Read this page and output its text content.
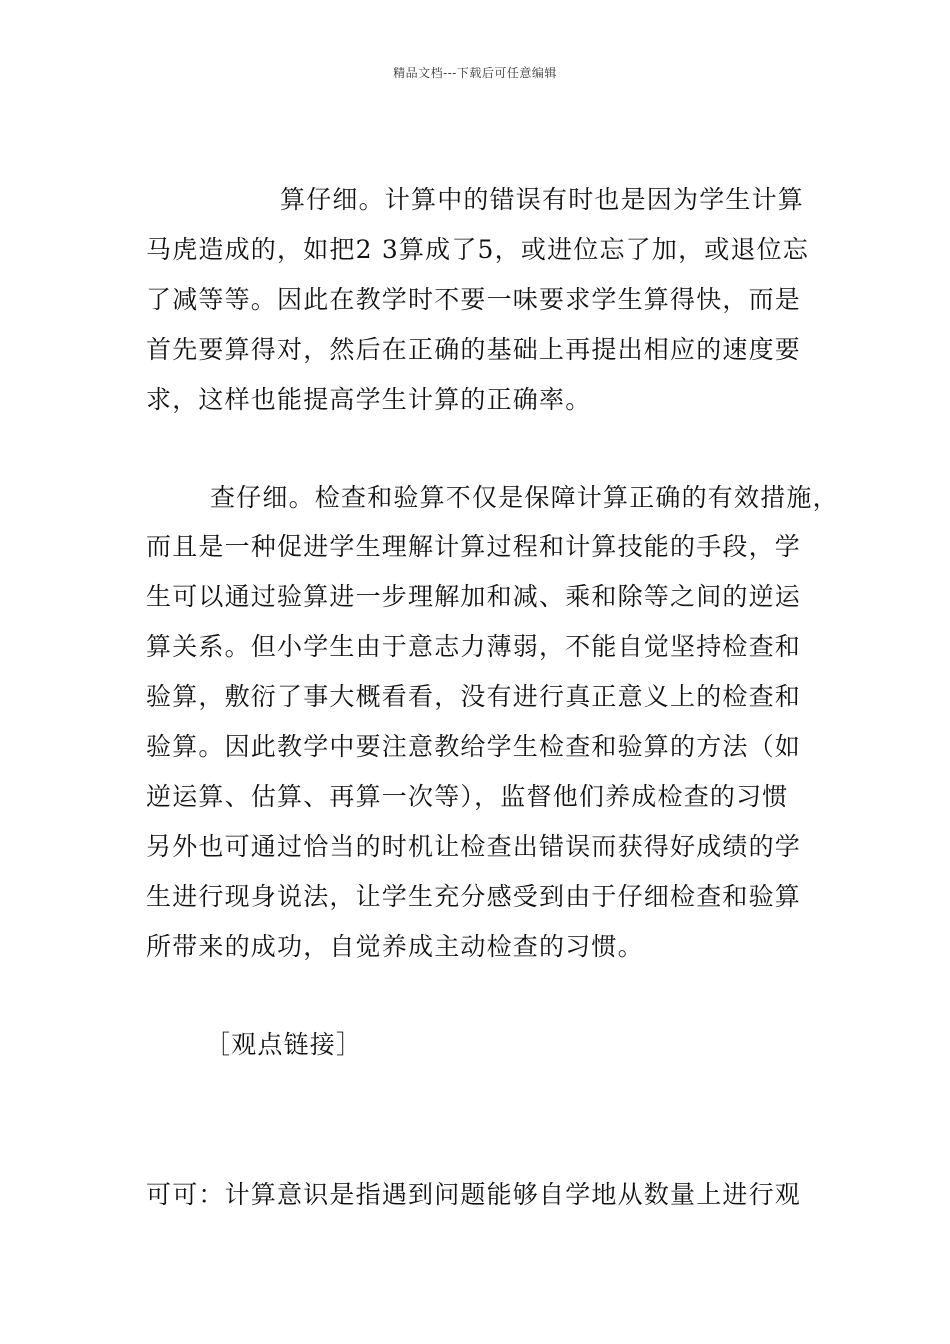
精品文档---下载后可任意编辑
算仔细。计算中的错误有时也是因为学生计算
马虎造成的，如把2 3算成了5，或进位忘了加，或退位忘
了减等等。因此在教学时不要一味要求学生算得快，而是
首先要算得对，然后在正确的基础上再提出相应的速度要
求，这样也能提高学生计算的正确率。
查仔细。检查和验算不仅是保障计算正确的有效措施，
而且是一种促进学生理解计算过程和计算技能的手段，学
生可以通过验算进一步理解加和减、乘和除等之间的逆运
算关系。但小学生由于意志力薄弱，不能自觉坚持检查和
验算，敷衍了事大概看看，没有进行真正意义上的检查和
验算。因此教学中要注意教给学生检查和验算的方法（如
逆运算、估算、再算一次等），监督他们养成检查的习惯
另外也可通过恰当的时机让检查出错误而获得好成绩的学
生进行现身说法，让学生充分感受到由于仔细检查和验算
所带来的成功，自觉养成主动检查的习惯。
［观点链接］
可可：计算意识是指遇到问题能够自学地从数量上进行观
